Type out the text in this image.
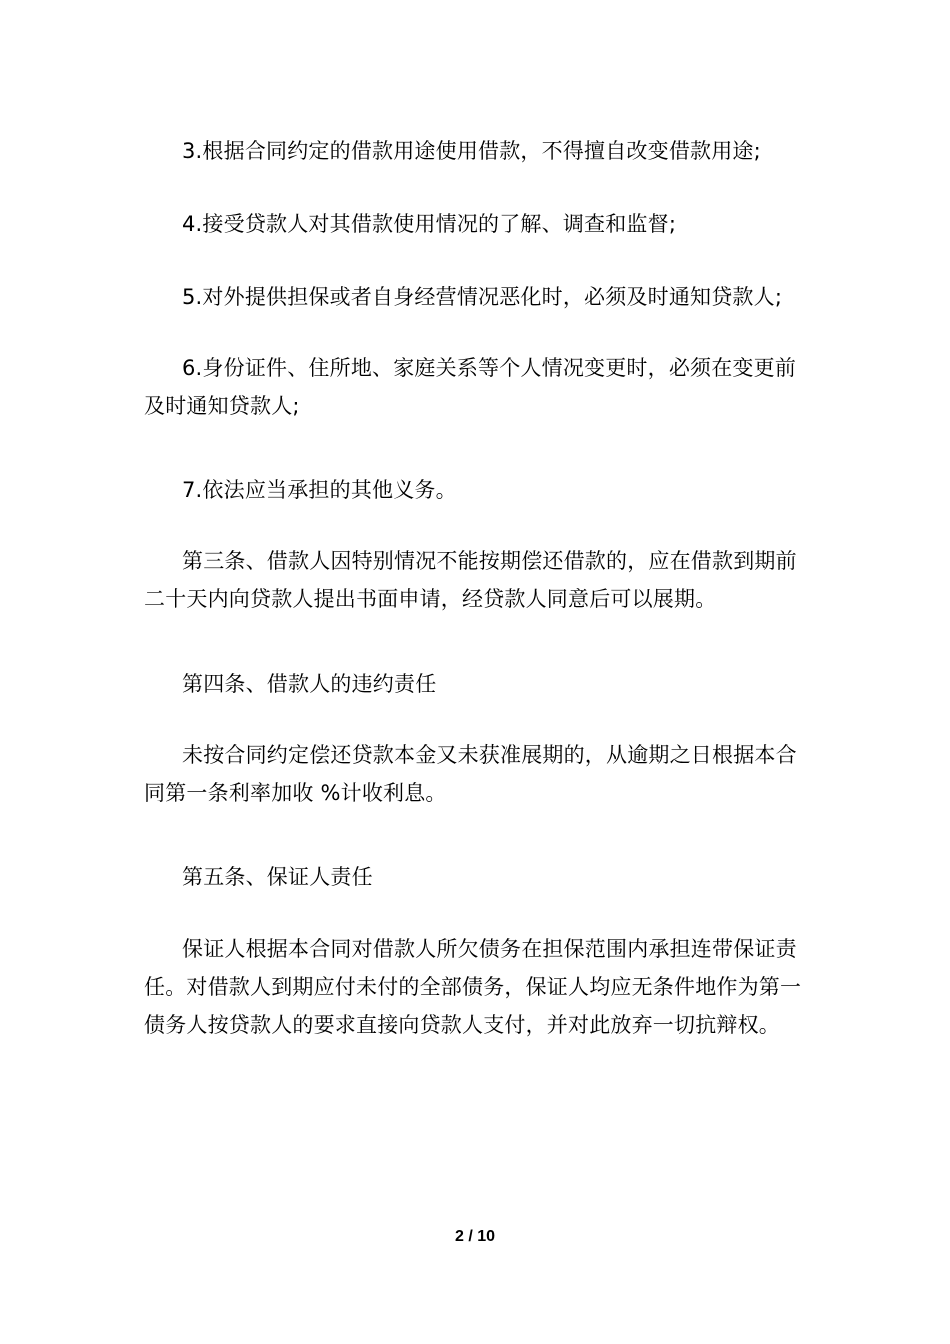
3.根据合同约定的借款用途使用借款，不得擅自改变借款用途;

4.接受贷款人对其借款使用情况的了解、调查和监督;

5.对外提供担保或者自身经营情况恶化时，必须及时通知贷款人;

6.身份证件、住所地、家庭关系等个人情况变更时，必须在变更前及时通知贷款人;

7.依法应当承担的其他义务。

第三条、借款人因特别情况不能按期偿还借款的，应在借款到期前二十天内向贷款人提出书面申请，经贷款人同意后可以展期。

第四条、借款人的违约责任

未按合同约定偿还贷款本金又未获准展期的，从逾期之日根据本合同第一条利率加收 %计收利息。

第五条、保证人责任

保证人根据本合同对借款人所欠债务在担保范围内承担连带保证责任。对借款人到期应付未付的全部债务，保证人均应无条件地作为第一债务人按贷款人的要求直接向贷款人支付，并对此放弃一切抗辩权。

2 / 10
